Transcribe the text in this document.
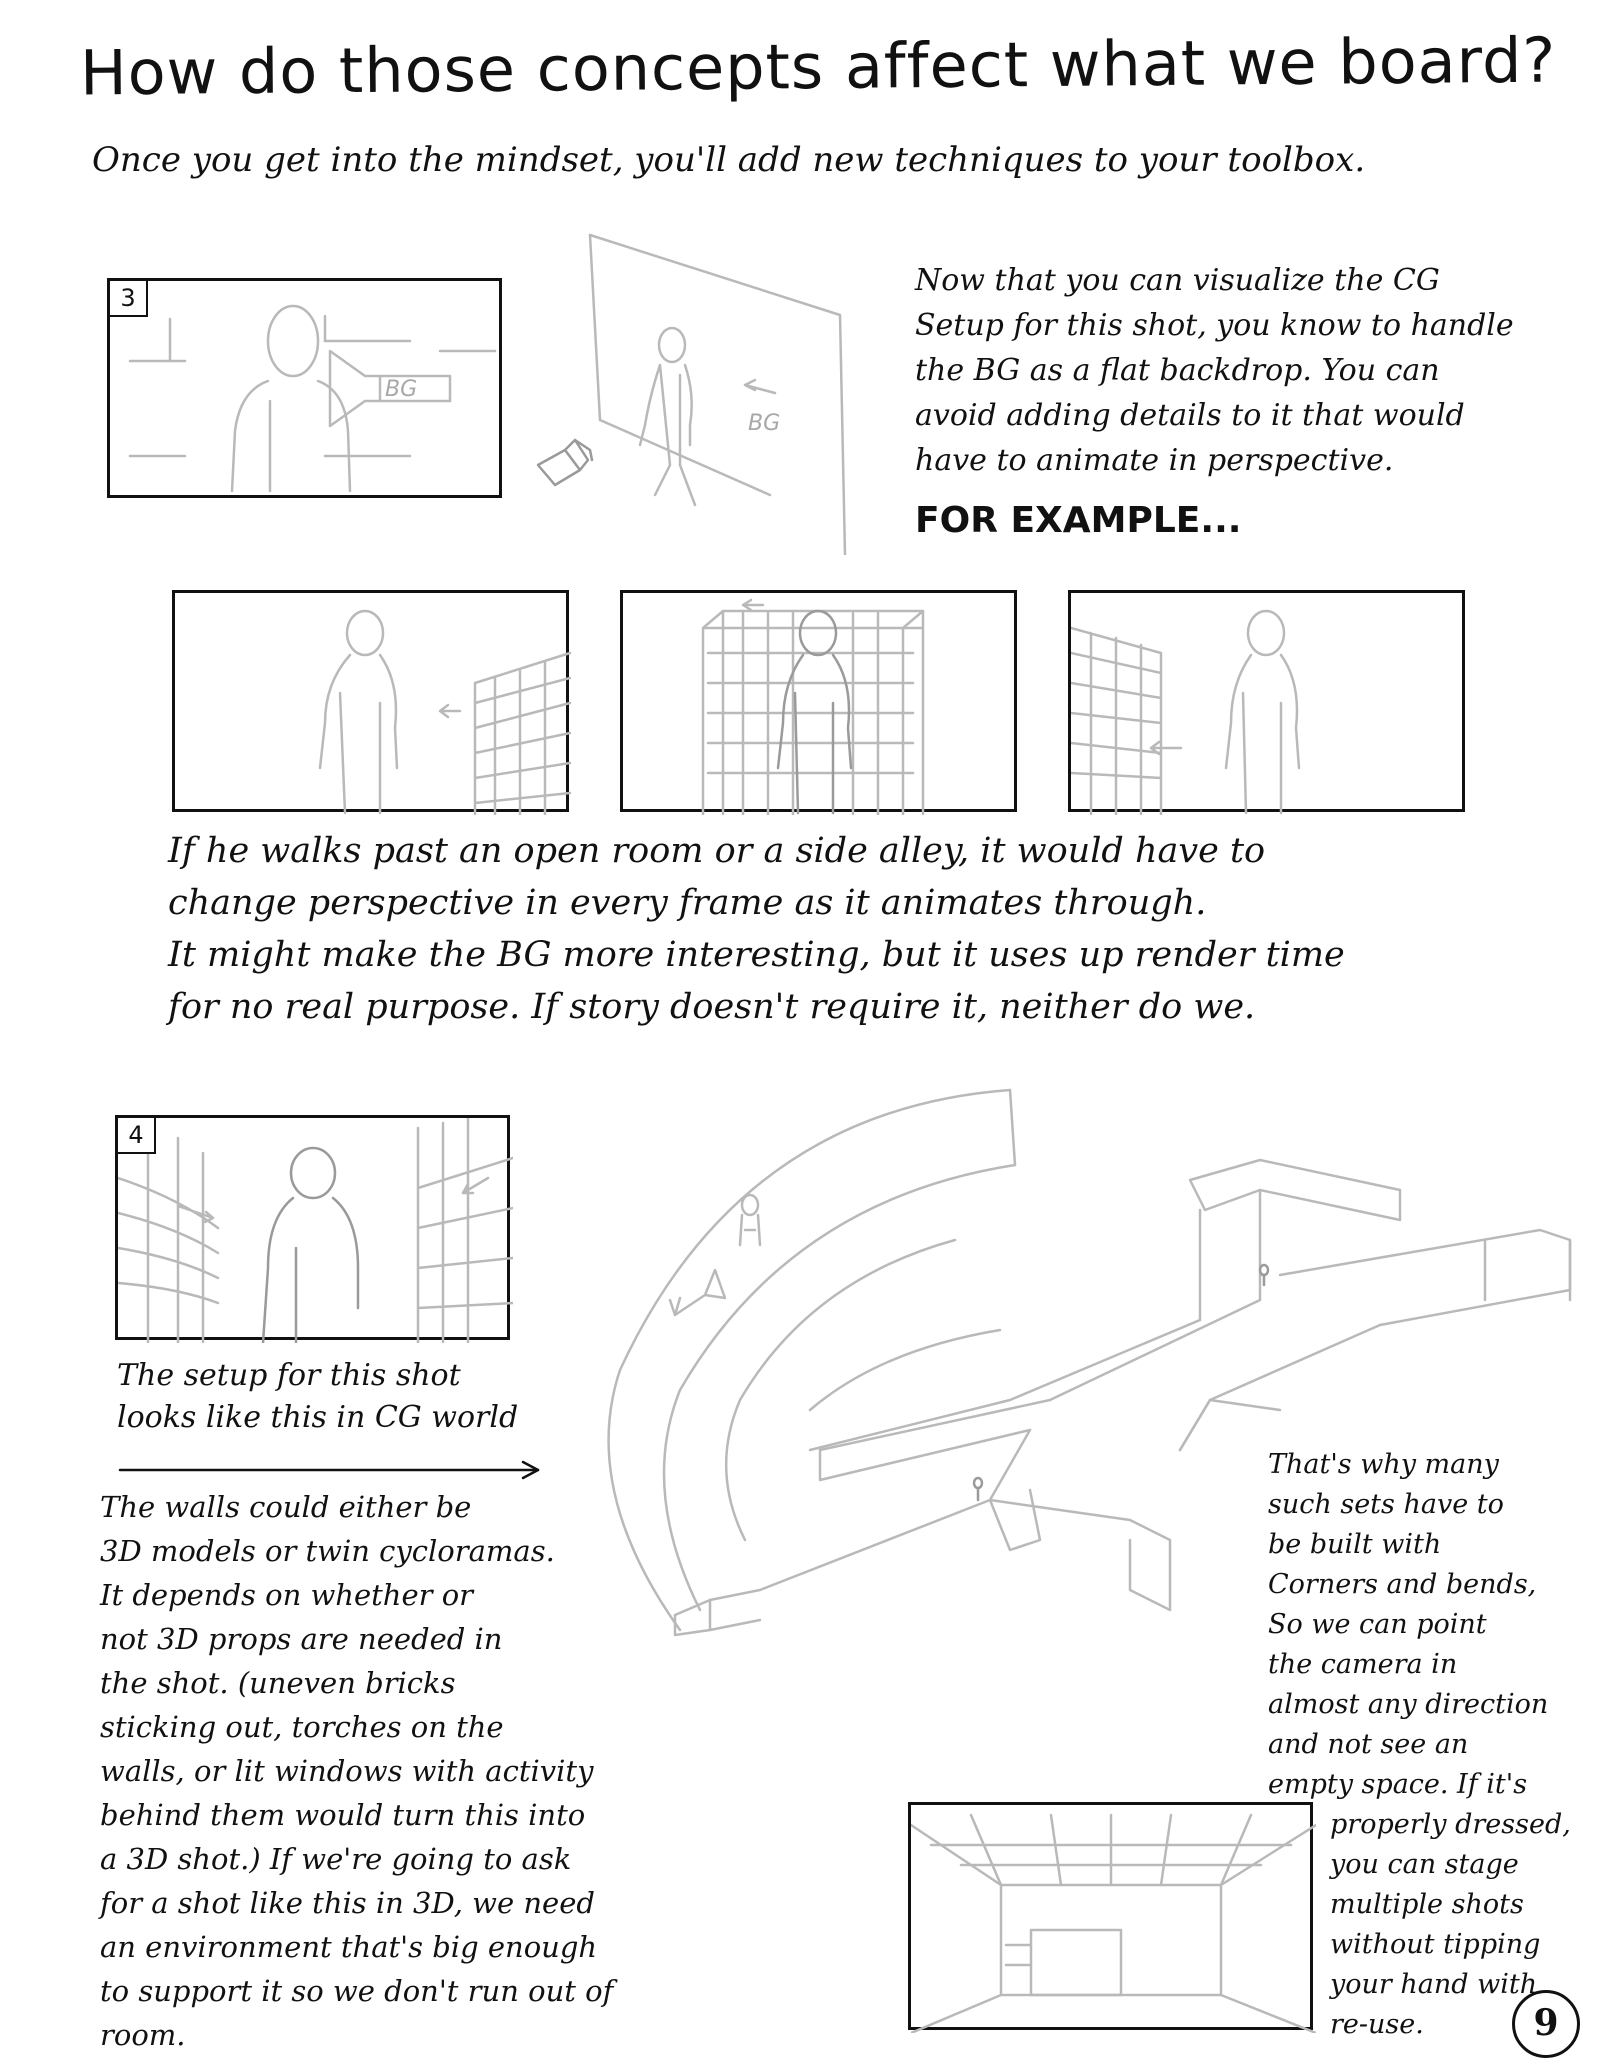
How do those concepts affect what we board?
Once you get into the mindset, you'll add new techniques to your toolbox.
BG
3
BG
Now that you can visualize the CG
Setup for this shot, you know to handle
the BG as a flat backdrop. You can
avoid adding details to it that would
have to animate in perspective.
FOR EXAMPLE...
If he walks past an open room or a side alley, it would have to
change perspective in every frame as it animates through.
It might make the BG more interesting, but it uses up render time
for no real purpose. If story doesn't require it, neither do we.
4
The setup for this shot
looks like this in CG world
The walls could either be
3D models or twin cycloramas.
It depends on whether or
not 3D props are needed in
the shot. (uneven bricks
sticking out, torches on the
walls, or lit windows with activity
behind them would turn this into
a 3D shot.) If we're going to ask
for a shot like this in 3D, we need
an environment that's big enough
to support it so we don't run out of room.
That's why many
such sets have to
be built with
Corners and bends,
So we can point
the camera in
almost any direction
and not see an
empty space. If it's
properly dressed,
you can stage
multiple shots
without tipping
your hand with
re-use.	9
